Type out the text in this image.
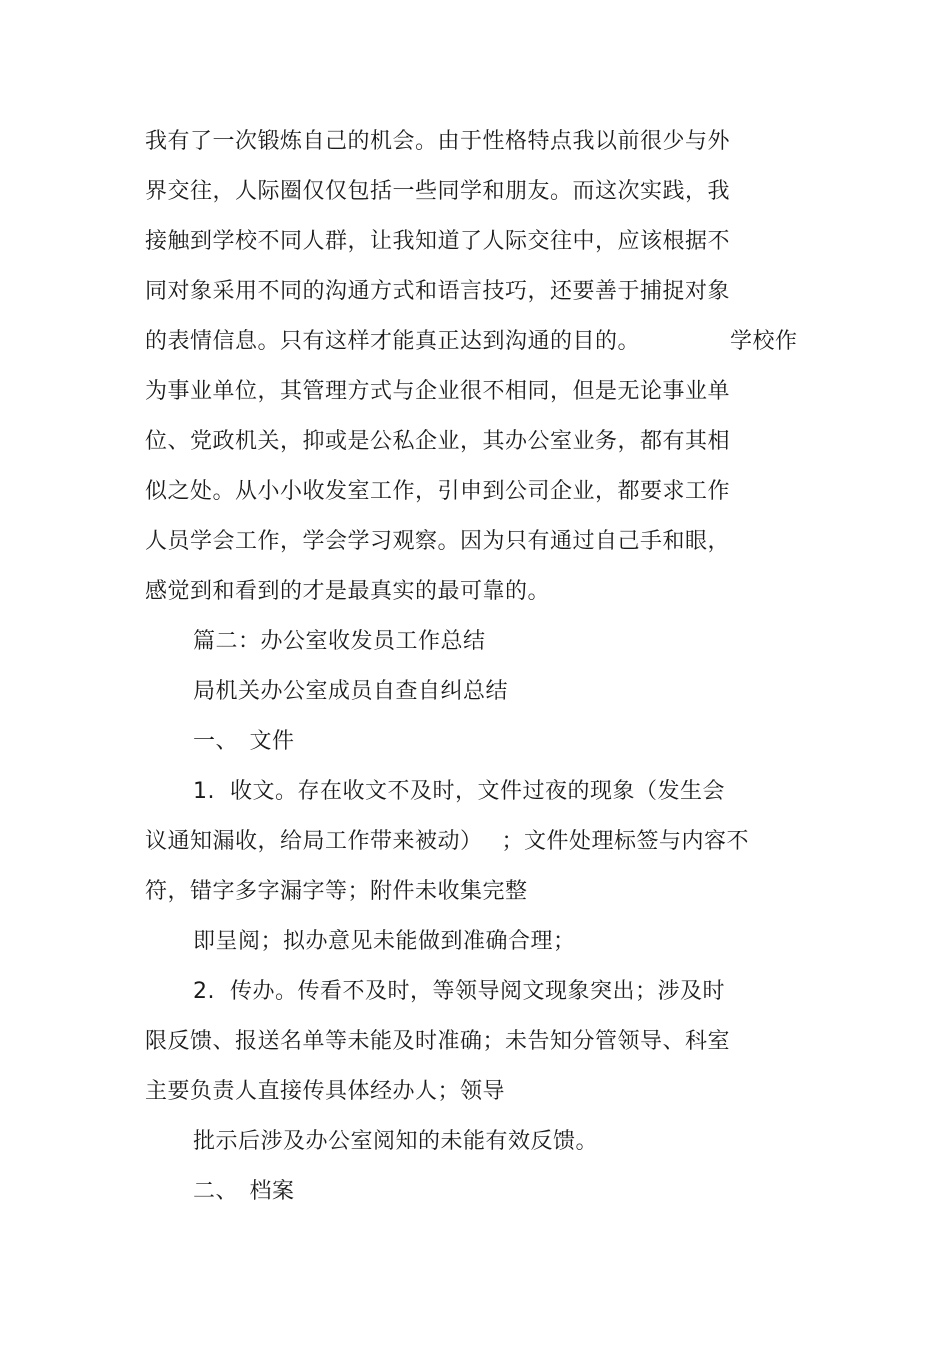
我有了一次锻炼自己的机会。由于性格特点我以前很少与外
界交往，人际圈仅仅包括一些同学和朋友。而这次实践，我
接触到学校不同人群，让我知道了人际交往中，应该根据不
同对象采用不同的沟通方式和语言技巧，还要善于捕捉对象
的表情信息。只有这样才能真正达到沟通的目的。	学校作
为事业单位，其管理方式与企业很不相同，但是无论事业单
位、党政机关，抑或是公私企业，其办公室业务，都有其相
似之处。从小小收发室工作，引申到公司企业，都要求工作
人员学会工作，学会学习观察。因为只有通过自己手和眼，
感觉到和看到的才是最真实的最可靠的。
篇二：办公室收发员工作总结
局机关办公室成员自查自纠总结
一、　文件
1.  收文。存在收文不及时，文件过夜的现象（发生会
议通知漏收，给局工作带来被动）　 ；文件处理标签与内容不
符，错字多字漏字等；附件未收集完整
即呈阅；拟办意见未能做到准确合理；
2.  传办。传看不及时，等领导阅文现象突出；涉及时
限反馈、报送名单等未能及时准确；未告知分管领导、科室
主要负责人直接传具体经办人；领导
批示后涉及办公室阅知的未能有效反馈。
二、　档案
